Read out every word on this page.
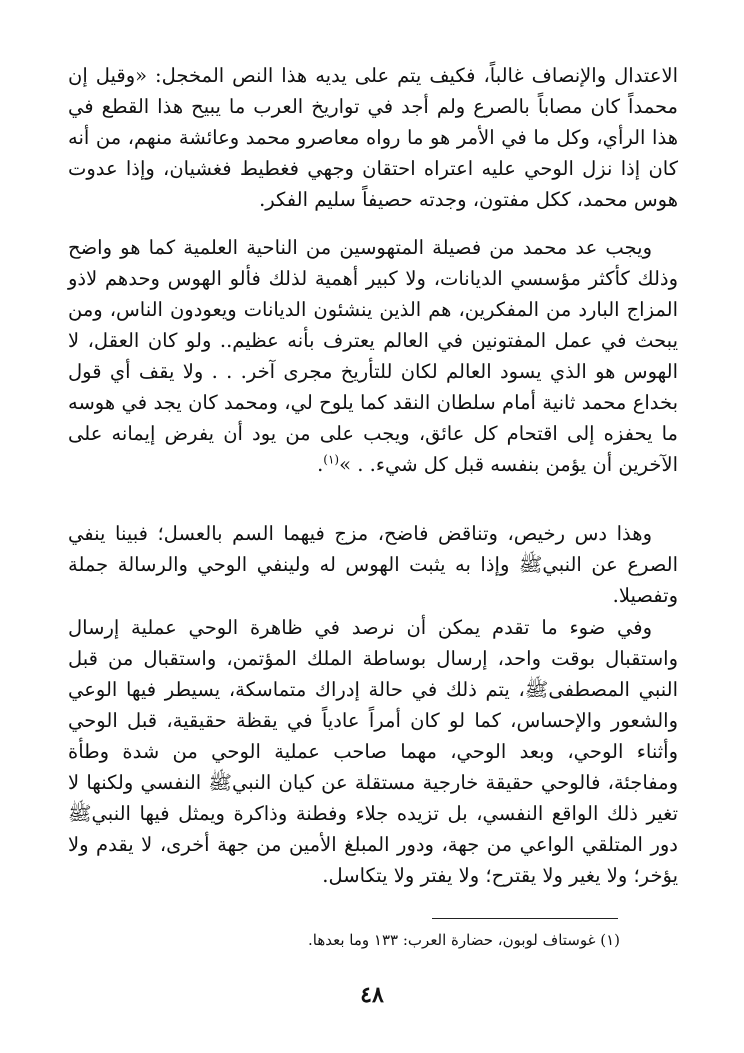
الاعتدال والإنصاف غالباً، فكيف يتم على يديه هذا النص المخجل: «وقيل إن محمداً كان مصاباً بالصرع ولم أجد في تواريخ العرب ما يبيح هذا القطع في هذا الرأي، وكل ما في الأمر هو ما رواه معاصرو محمد وعائشة منهم، من أنه كان إذا نزل الوحي عليه اعتراه احتقان وجهي فغطيط فغشيان، وإذا عدوت هوس محمد، ككل مفتون، وجدته حصيفاً سليم الفكر.

ويجب عد محمد من فصيلة المتهوسين من الناحية العلمية كما هو واضح وذلك كأكثر مؤسسي الديانات، ولا كبير أهمية لذلك فألو الهوس وحدهم لاذو المزاج البارد من المفكرين، هم الذين ينشئون الديانات ويعودون الناس، ومن يبحث في عمل المفتونين في العالم يعترف بأنه عظيم.. ولو كان العقل، لا الهوس هو الذي يسود العالم لكان للتأريخ مجرى آخر. . . ولا يقف أي قول بخداع محمد ثانية أمام سلطان النقد كما يلوح لي، ومحمد كان يجد في هوسه ما يحفزه إلى اقتحام كل عائق، ويجب على من يود أن يفرض إيمانه على الآخرين أن يؤمن بنفسه قبل كل شيء. . »$^{(١)}$.

وهذا دس رخيص، وتناقض فاضح، مزج فيهما السم بالعسل؛ فبينا ينفي الصرع عن النبيﷺ وإذا به يثبت الهوس له ولينفي الوحي والرسالة جملة وتفصيلا.

وفي ضوء ما تقدم يمكن أن نرصد في ظاهرة الوحي عملية إرسال واستقبال بوقت واحد، إرسال بوساطة الملك المؤتمن، واستقبال من قبل النبي المصطفىﷺ، يتم ذلك في حالة إدراك متماسكة، يسيطر فيها الوعي والشعور والإحساس، كما لو كان أمراً عادياً في يقظة حقيقية، قبل الوحي وأثناء الوحي، وبعد الوحي، مهما صاحب عملية الوحي من شدة وطأة ومفاجئة، فالوحي حقيقة خارجية مستقلة عن كيان النبيﷺ النفسي ولكنها لا تغير ذلك الواقع النفسي، بل تزيده جلاء وفطنة وذاكرة ويمثل فيها النبيﷺ دور المتلقي الواعي من جهة، ودور المبلغ الأمين من جهة أخرى، لا يقدم ولا يؤخر؛ ولا يغير ولا يقترح؛ ولا يفتر ولا يتكاسل.

(١) غوستاف لوبون، حضارة العرب: ١٣٣ وما بعدها.
٤٨
